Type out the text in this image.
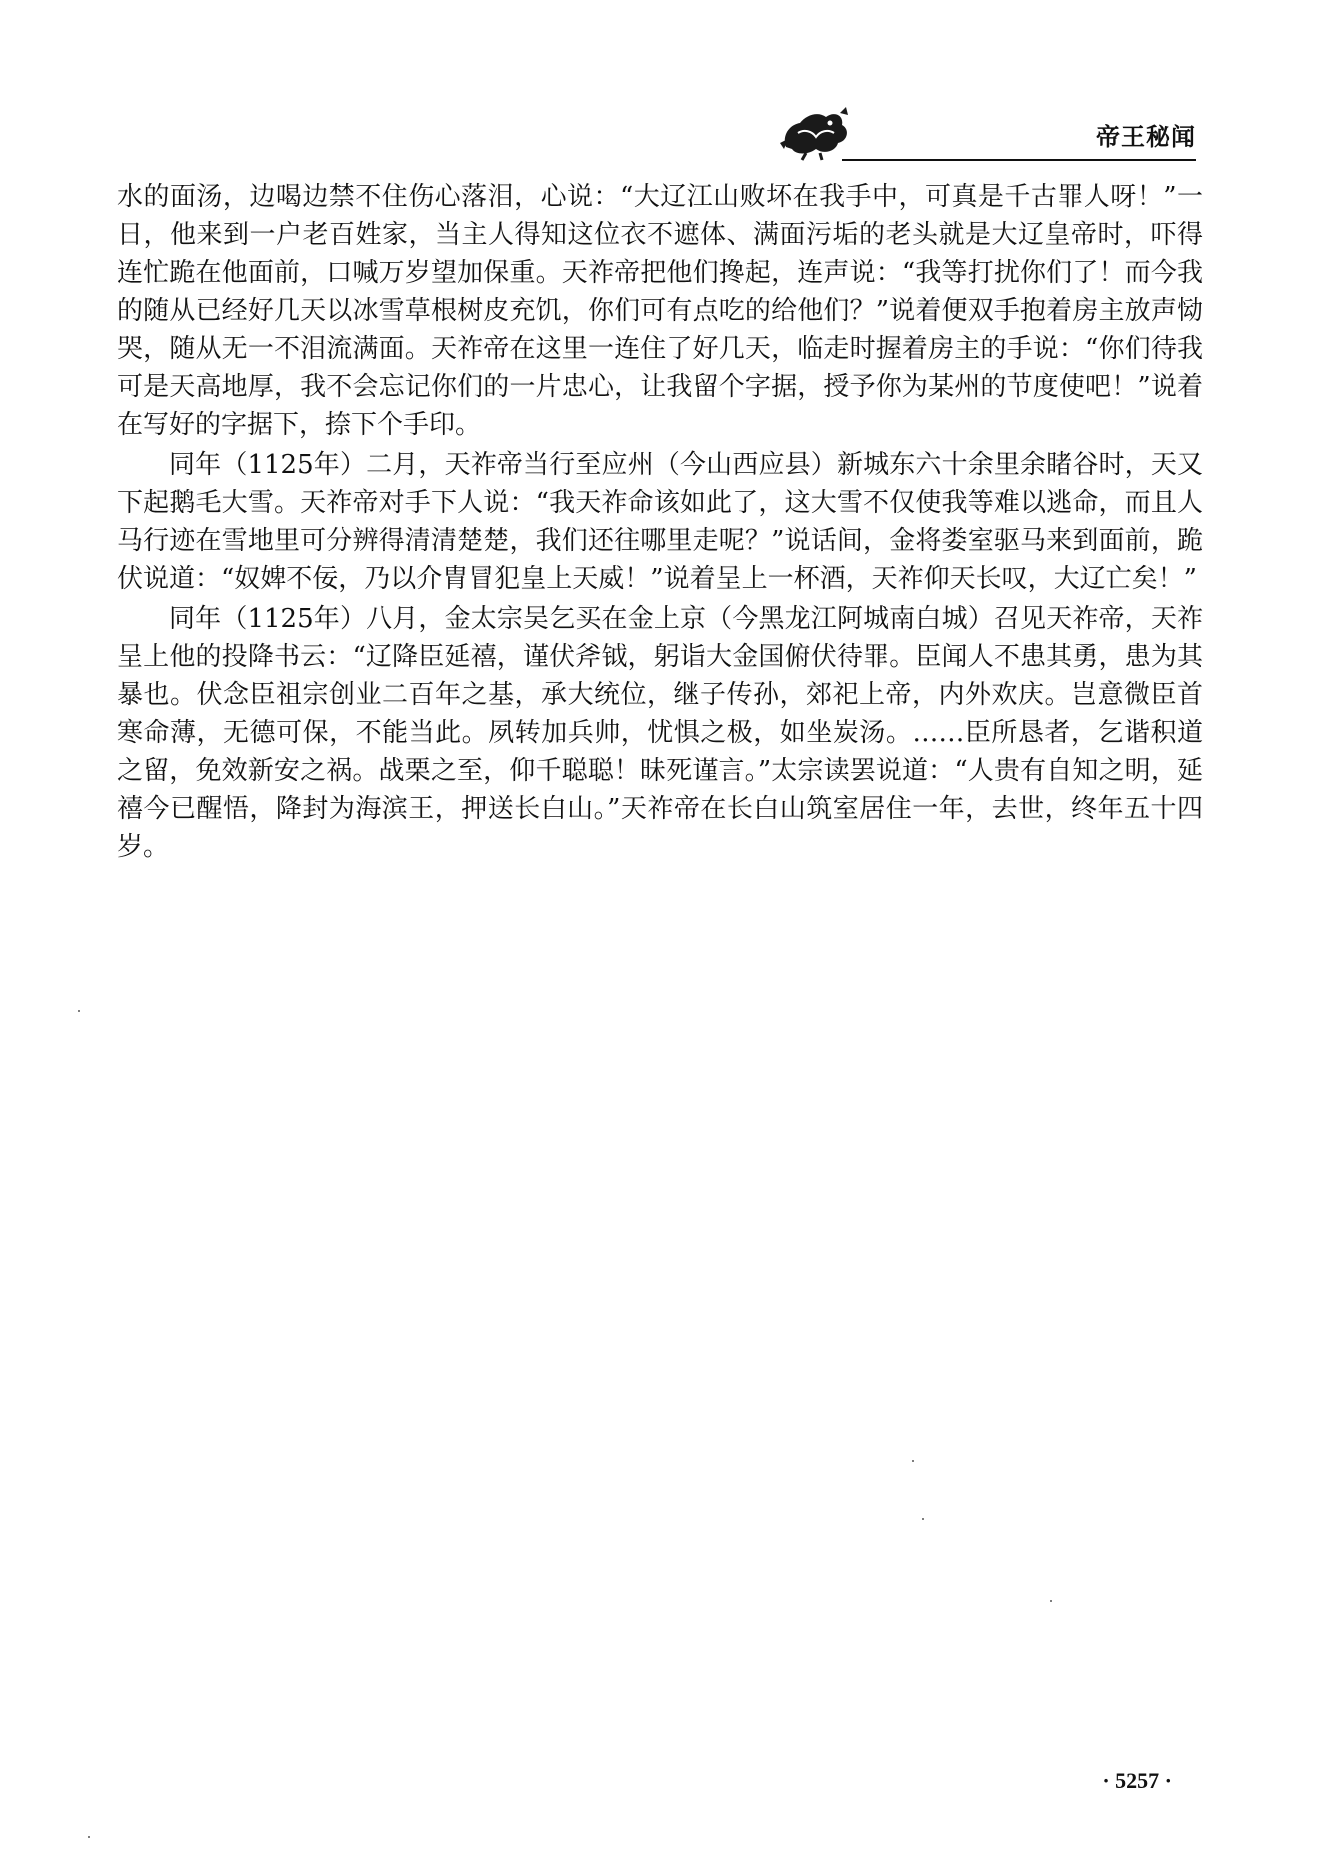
帝王秘闻

水的面汤，边喝边禁不住伤心落泪，心说：“大辽江山败坏在我手中，可真是千古罪人呀！”一日，他来到一户老百姓家，当主人得知这位衣不遮体、满面污垢的老头就是大辽皇帝时，吓得连忙跪在他面前，口喊万岁望加保重。天祚帝把他们搀起，连声说：“我等打扰你们了！而今我的随从已经好几天以冰雪草根树皮充饥，你们可有点吃的给他们？”说着便双手抱着房主放声恸哭，随从无一不泪流满面。天祚帝在这里一连住了好几天，临走时握着房主的手说：“你们待我可是天高地厚，我不会忘记你们的一片忠心，让我留个字据，授予你为某州的节度使吧！”说着在写好的字据下，捺下个手印。

同年（1125年）二月，天祚帝当行至应州（今山西应县）新城东六十余里余睹谷时，天又下起鹅毛大雪。天祚帝对手下人说：“我天祚命该如此了，这大雪不仅使我等难以逃命，而且人马行迹在雪地里可分辨得清清楚楚，我们还往哪里走呢？”说话间，金将娄室驱马来到面前，跪伏说道：“奴婢不佞，乃以介胄冒犯皇上天威！”说着呈上一杯酒，天祚仰天长叹，大辽亡矣！”

同年（1125年）八月，金太宗吴乞买在金上京（今黑龙江阿城南白城）召见天祚帝，天祚呈上他的投降书云：“辽降臣延禧，谨伏斧钺，躬诣大金国俯伏待罪。臣闻人不患其勇，患为其暴也。伏念臣祖宗创业二百年之基，承大统位，继子传孙，郊祀上帝，内外欢庆。岂意微臣首寒命薄，无德可保，不能当此。夙转加兵帅，忧惧之极，如坐炭汤。……臣所恳者，乞谐积道之留，免效新安之祸。战栗之至，仰千聪聪！昧死谨言。”太宗读罢说道：“人贵有自知之明，延禧今已醒悟，降封为海滨王，押送长白山。”天祚帝在长白山筑室居住一年，去世，终年五十四岁。

· 5257 ·
